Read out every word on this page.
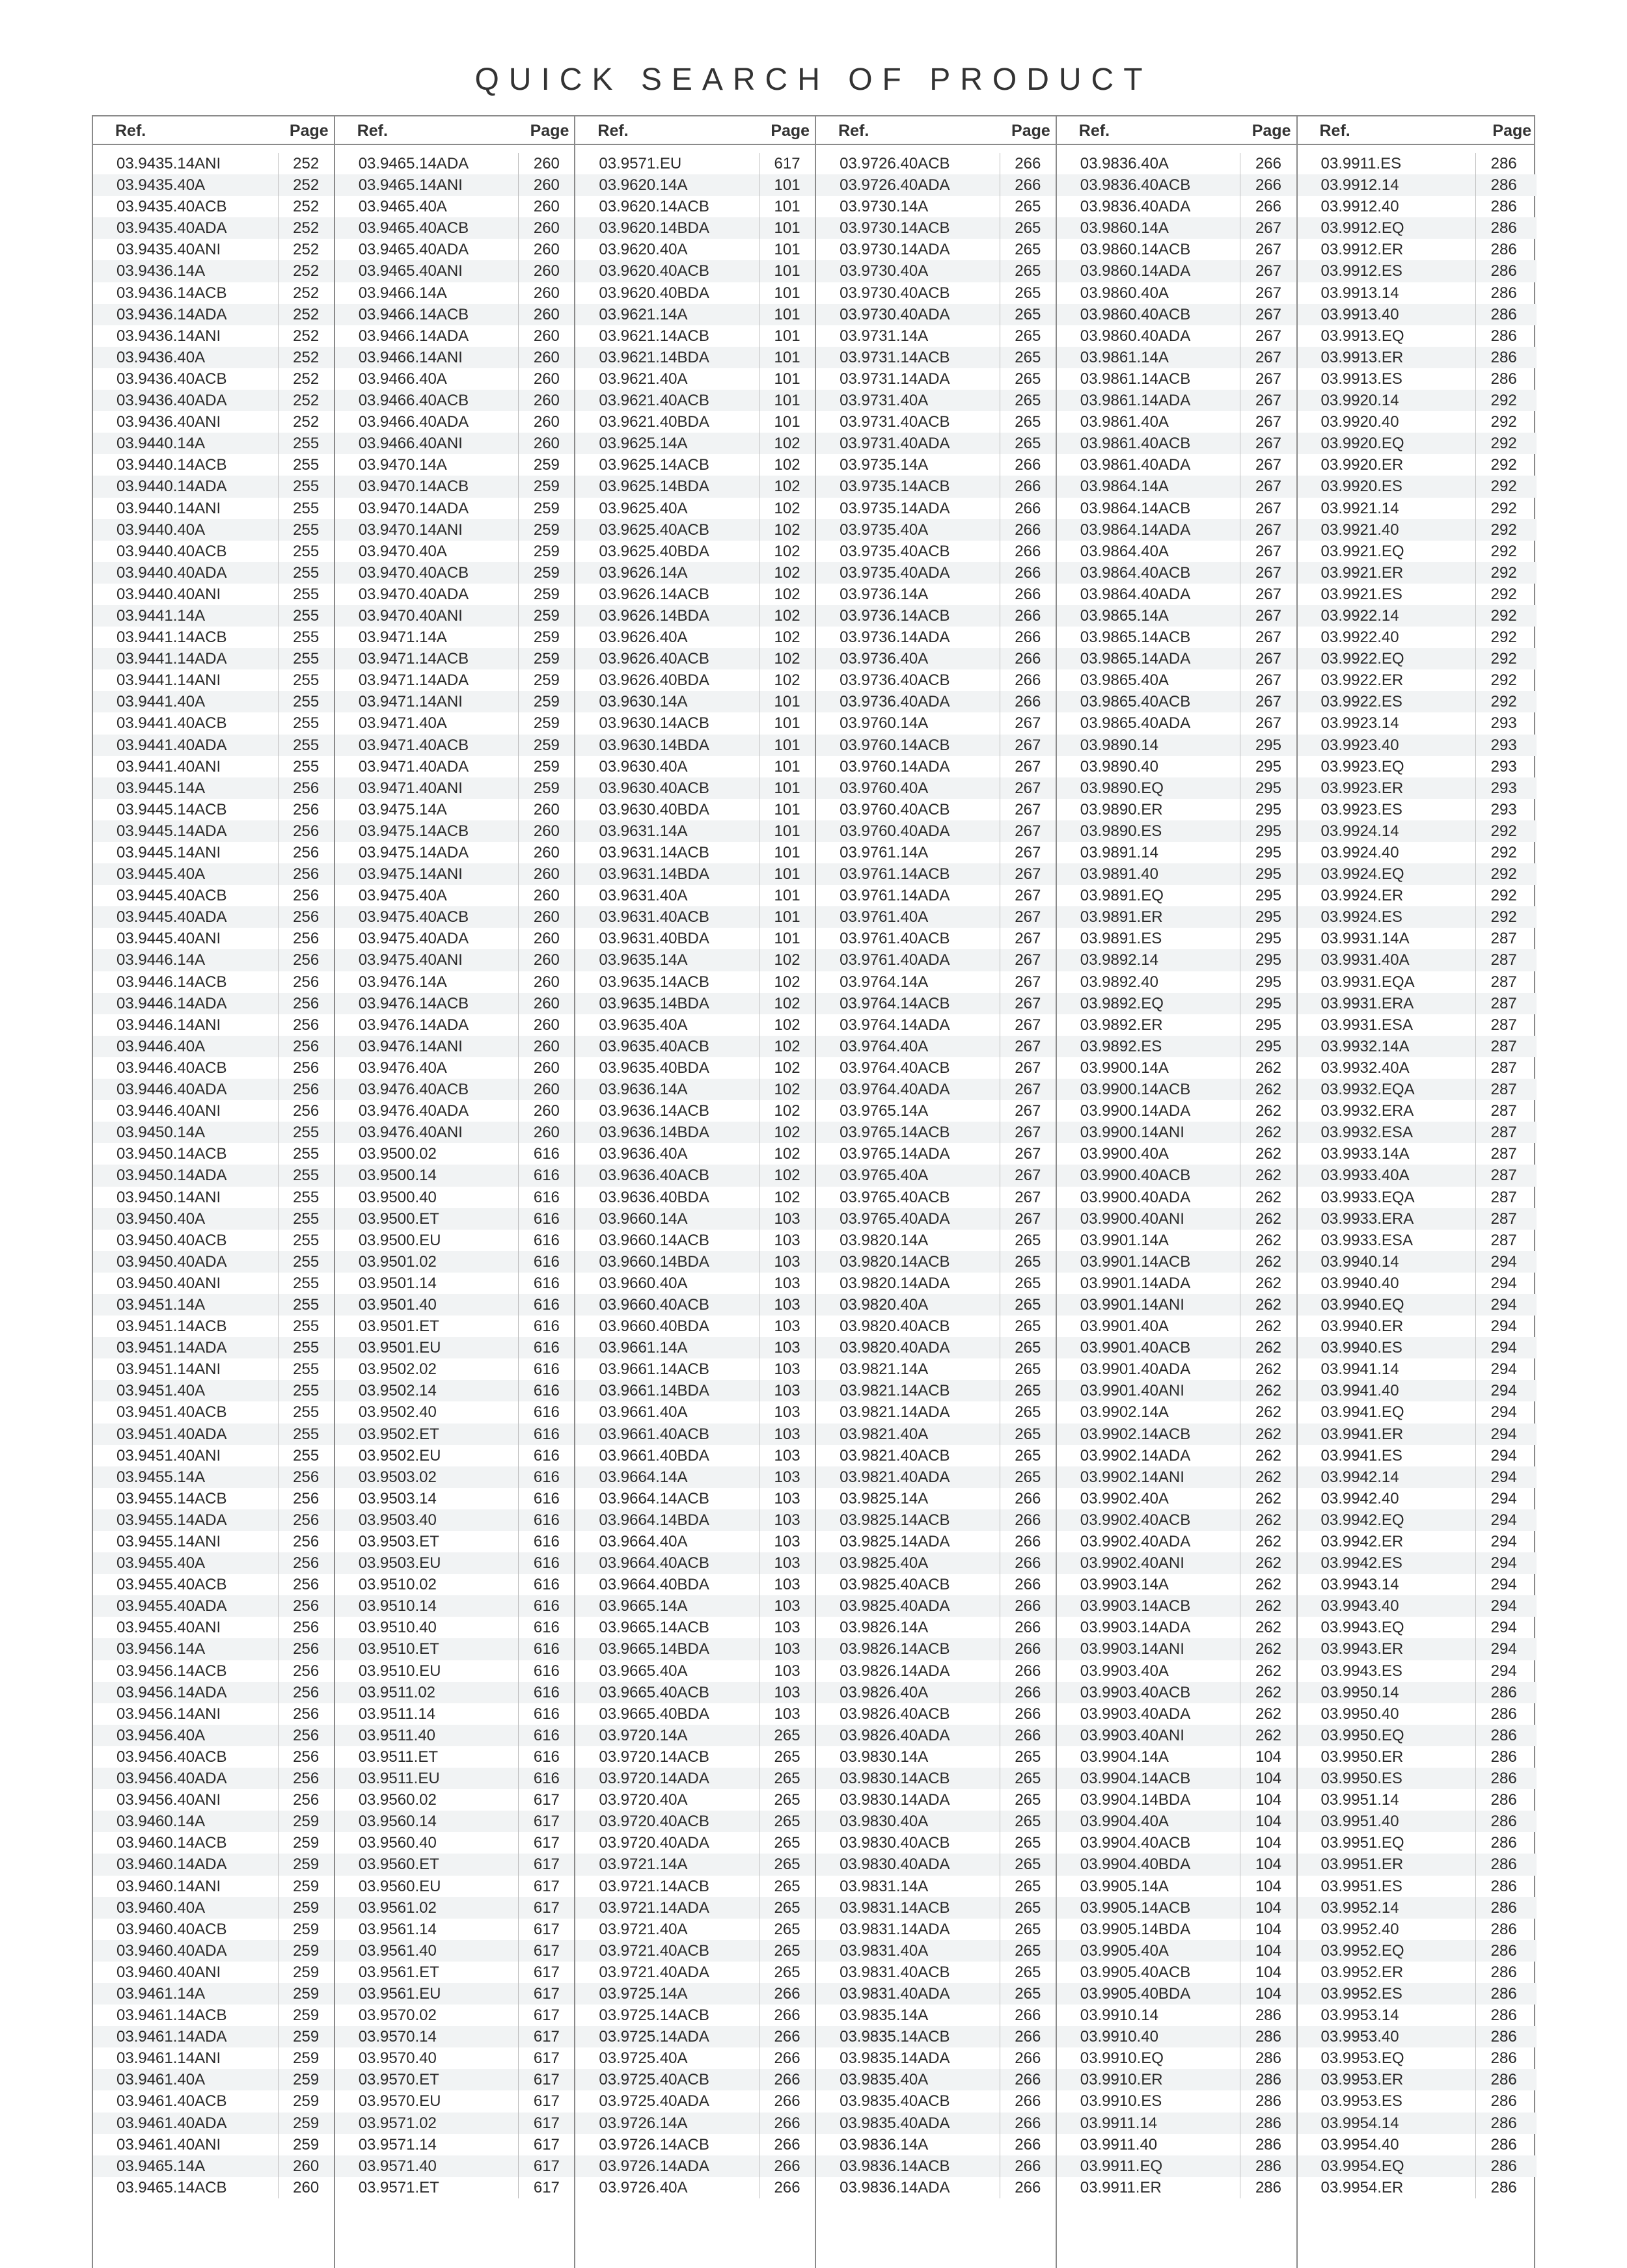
QUICK SEARCH OF PRODUCT
Ref.	Page
03.9435.14ANI	252
03.9435.40A	252
03.9435.40ACB	252
03.9435.40ADA	252
03.9435.40ANI	252
03.9436.14A	252
03.9436.14ACB	252
03.9436.14ADA	252
03.9436.14ANI	252
03.9436.40A	252
03.9436.40ACB	252
03.9436.40ADA	252
03.9436.40ANI	252
03.9440.14A	255
03.9440.14ACB	255
03.9440.14ADA	255
03.9440.14ANI	255
03.9440.40A	255
03.9440.40ACB	255
03.9440.40ADA	255
03.9440.40ANI	255
03.9441.14A	255
03.9441.14ACB	255
03.9441.14ADA	255
03.9441.14ANI	255
03.9441.40A	255
03.9441.40ACB	255
03.9441.40ADA	255
03.9441.40ANI	255
03.9445.14A	256
03.9445.14ACB	256
03.9445.14ADA	256
03.9445.14ANI	256
03.9445.40A	256
03.9445.40ACB	256
03.9445.40ADA	256
03.9445.40ANI	256
03.9446.14A	256
03.9446.14ACB	256
03.9446.14ADA	256
03.9446.14ANI	256
03.9446.40A	256
03.9446.40ACB	256
03.9446.40ADA	256
03.9446.40ANI	256
03.9450.14A	255
03.9450.14ACB	255
03.9450.14ADA	255
03.9450.14ANI	255
03.9450.40A	255
03.9450.40ACB	255
03.9450.40ADA	255
03.9450.40ANI	255
03.9451.14A	255
03.9451.14ACB	255
03.9451.14ADA	255
03.9451.14ANI	255
03.9451.40A	255
03.9451.40ACB	255
03.9451.40ADA	255
03.9451.40ANI	255
03.9455.14A	256
03.9455.14ACB	256
03.9455.14ADA	256
03.9455.14ANI	256
03.9455.40A	256
03.9455.40ACB	256
03.9455.40ADA	256
03.9455.40ANI	256
03.9456.14A	256
03.9456.14ACB	256
03.9456.14ADA	256
03.9456.14ANI	256
03.9456.40A	256
03.9456.40ACB	256
03.9456.40ADA	256
03.9456.40ANI	256
03.9460.14A	259
03.9460.14ACB	259
03.9460.14ADA	259
03.9460.14ANI	259
03.9460.40A	259
03.9460.40ACB	259
03.9460.40ADA	259
03.9460.40ANI	259
03.9461.14A	259
03.9461.14ACB	259
03.9461.14ADA	259
03.9461.14ANI	259
03.9461.40A	259
03.9461.40ACB	259
03.9461.40ADA	259
03.9461.40ANI	259
03.9465.14A	260
03.9465.14ACB	260
Ref.	Page
03.9465.14ADA	260
03.9465.14ANI	260
03.9465.40A	260
03.9465.40ACB	260
03.9465.40ADA	260
03.9465.40ANI	260
03.9466.14A	260
03.9466.14ACB	260
03.9466.14ADA	260
03.9466.14ANI	260
03.9466.40A	260
03.9466.40ACB	260
03.9466.40ADA	260
03.9466.40ANI	260
03.9470.14A	259
03.9470.14ACB	259
03.9470.14ADA	259
03.9470.14ANI	259
03.9470.40A	259
03.9470.40ACB	259
03.9470.40ADA	259
03.9470.40ANI	259
03.9471.14A	259
03.9471.14ACB	259
03.9471.14ADA	259
03.9471.14ANI	259
03.9471.40A	259
03.9471.40ACB	259
03.9471.40ADA	259
03.9471.40ANI	259
03.9475.14A	260
03.9475.14ACB	260
03.9475.14ADA	260
03.9475.14ANI	260
03.9475.40A	260
03.9475.40ACB	260
03.9475.40ADA	260
03.9475.40ANI	260
03.9476.14A	260
03.9476.14ACB	260
03.9476.14ADA	260
03.9476.14ANI	260
03.9476.40A	260
03.9476.40ACB	260
03.9476.40ADA	260
03.9476.40ANI	260
03.9500.02	616
03.9500.14	616
03.9500.40	616
03.9500.ET	616
03.9500.EU	616
03.9501.02	616
03.9501.14	616
03.9501.40	616
03.9501.ET	616
03.9501.EU	616
03.9502.02	616
03.9502.14	616
03.9502.40	616
03.9502.ET	616
03.9502.EU	616
03.9503.02	616
03.9503.14	616
03.9503.40	616
03.9503.ET	616
03.9503.EU	616
03.9510.02	616
03.9510.14	616
03.9510.40	616
03.9510.ET	616
03.9510.EU	616
03.9511.02	616
03.9511.14	616
03.9511.40	616
03.9511.ET	616
03.9511.EU	616
03.9560.02	617
03.9560.14	617
03.9560.40	617
03.9560.ET	617
03.9560.EU	617
03.9561.02	617
03.9561.14	617
03.9561.40	617
03.9561.ET	617
03.9561.EU	617
03.9570.02	617
03.9570.14	617
03.9570.40	617
03.9570.ET	617
03.9570.EU	617
03.9571.02	617
03.9571.14	617
03.9571.40	617
03.9571.ET	617
Ref.	Page
03.9571.EU	617
03.9620.14A	101
03.9620.14ACB	101
03.9620.14BDA	101
03.9620.40A	101
03.9620.40ACB	101
03.9620.40BDA	101
03.9621.14A	101
03.9621.14ACB	101
03.9621.14BDA	101
03.9621.40A	101
03.9621.40ACB	101
03.9621.40BDA	101
03.9625.14A	102
03.9625.14ACB	102
03.9625.14BDA	102
03.9625.40A	102
03.9625.40ACB	102
03.9625.40BDA	102
03.9626.14A	102
03.9626.14ACB	102
03.9626.14BDA	102
03.9626.40A	102
03.9626.40ACB	102
03.9626.40BDA	102
03.9630.14A	101
03.9630.14ACB	101
03.9630.14BDA	101
03.9630.40A	101
03.9630.40ACB	101
03.9630.40BDA	101
03.9631.14A	101
03.9631.14ACB	101
03.9631.14BDA	101
03.9631.40A	101
03.9631.40ACB	101
03.9631.40BDA	101
03.9635.14A	102
03.9635.14ACB	102
03.9635.14BDA	102
03.9635.40A	102
03.9635.40ACB	102
03.9635.40BDA	102
03.9636.14A	102
03.9636.14ACB	102
03.9636.14BDA	102
03.9636.40A	102
03.9636.40ACB	102
03.9636.40BDA	102
03.9660.14A	103
03.9660.14ACB	103
03.9660.14BDA	103
03.9660.40A	103
03.9660.40ACB	103
03.9660.40BDA	103
03.9661.14A	103
03.9661.14ACB	103
03.9661.14BDA	103
03.9661.40A	103
03.9661.40ACB	103
03.9661.40BDA	103
03.9664.14A	103
03.9664.14ACB	103
03.9664.14BDA	103
03.9664.40A	103
03.9664.40ACB	103
03.9664.40BDA	103
03.9665.14A	103
03.9665.14ACB	103
03.9665.14BDA	103
03.9665.40A	103
03.9665.40ACB	103
03.9665.40BDA	103
03.9720.14A	265
03.9720.14ACB	265
03.9720.14ADA	265
03.9720.40A	265
03.9720.40ACB	265
03.9720.40ADA	265
03.9721.14A	265
03.9721.14ACB	265
03.9721.14ADA	265
03.9721.40A	265
03.9721.40ACB	265
03.9721.40ADA	265
03.9725.14A	266
03.9725.14ACB	266
03.9725.14ADA	266
03.9725.40A	266
03.9725.40ACB	266
03.9725.40ADA	266
03.9726.14A	266
03.9726.14ACB	266
03.9726.14ADA	266
03.9726.40A	266
Ref.	Page
03.9726.40ACB	266
03.9726.40ADA	266
03.9730.14A	265
03.9730.14ACB	265
03.9730.14ADA	265
03.9730.40A	265
03.9730.40ACB	265
03.9730.40ADA	265
03.9731.14A	265
03.9731.14ACB	265
03.9731.14ADA	265
03.9731.40A	265
03.9731.40ACB	265
03.9731.40ADA	265
03.9735.14A	266
03.9735.14ACB	266
03.9735.14ADA	266
03.9735.40A	266
03.9735.40ACB	266
03.9735.40ADA	266
03.9736.14A	266
03.9736.14ACB	266
03.9736.14ADA	266
03.9736.40A	266
03.9736.40ACB	266
03.9736.40ADA	266
03.9760.14A	267
03.9760.14ACB	267
03.9760.14ADA	267
03.9760.40A	267
03.9760.40ACB	267
03.9760.40ADA	267
03.9761.14A	267
03.9761.14ACB	267
03.9761.14ADA	267
03.9761.40A	267
03.9761.40ACB	267
03.9761.40ADA	267
03.9764.14A	267
03.9764.14ACB	267
03.9764.14ADA	267
03.9764.40A	267
03.9764.40ACB	267
03.9764.40ADA	267
03.9765.14A	267
03.9765.14ACB	267
03.9765.14ADA	267
03.9765.40A	267
03.9765.40ACB	267
03.9765.40ADA	267
03.9820.14A	265
03.9820.14ACB	265
03.9820.14ADA	265
03.9820.40A	265
03.9820.40ACB	265
03.9820.40ADA	265
03.9821.14A	265
03.9821.14ACB	265
03.9821.14ADA	265
03.9821.40A	265
03.9821.40ACB	265
03.9821.40ADA	265
03.9825.14A	266
03.9825.14ACB	266
03.9825.14ADA	266
03.9825.40A	266
03.9825.40ACB	266
03.9825.40ADA	266
03.9826.14A	266
03.9826.14ACB	266
03.9826.14ADA	266
03.9826.40A	266
03.9826.40ACB	266
03.9826.40ADA	266
03.9830.14A	265
03.9830.14ACB	265
03.9830.14ADA	265
03.9830.40A	265
03.9830.40ACB	265
03.9830.40ADA	265
03.9831.14A	265
03.9831.14ACB	265
03.9831.14ADA	265
03.9831.40A	265
03.9831.40ACB	265
03.9831.40ADA	265
03.9835.14A	266
03.9835.14ACB	266
03.9835.14ADA	266
03.9835.40A	266
03.9835.40ACB	266
03.9835.40ADA	266
03.9836.14A	266
03.9836.14ACB	266
03.9836.14ADA	266
Ref.	Page
03.9836.40A	266
03.9836.40ACB	266
03.9836.40ADA	266
03.9860.14A	267
03.9860.14ACB	267
03.9860.14ADA	267
03.9860.40A	267
03.9860.40ACB	267
03.9860.40ADA	267
03.9861.14A	267
03.9861.14ACB	267
03.9861.14ADA	267
03.9861.40A	267
03.9861.40ACB	267
03.9861.40ADA	267
03.9864.14A	267
03.9864.14ACB	267
03.9864.14ADA	267
03.9864.40A	267
03.9864.40ACB	267
03.9864.40ADA	267
03.9865.14A	267
03.9865.14ACB	267
03.9865.14ADA	267
03.9865.40A	267
03.9865.40ACB	267
03.9865.40ADA	267
03.9890.14	295
03.9890.40	295
03.9890.EQ	295
03.9890.ER	295
03.9890.ES	295
03.9891.14	295
03.9891.40	295
03.9891.EQ	295
03.9891.ER	295
03.9891.ES	295
03.9892.14	295
03.9892.40	295
03.9892.EQ	295
03.9892.ER	295
03.9892.ES	295
03.9900.14A	262
03.9900.14ACB	262
03.9900.14ADA	262
03.9900.14ANI	262
03.9900.40A	262
03.9900.40ACB	262
03.9900.40ADA	262
03.9900.40ANI	262
03.9901.14A	262
03.9901.14ACB	262
03.9901.14ADA	262
03.9901.14ANI	262
03.9901.40A	262
03.9901.40ACB	262
03.9901.40ADA	262
03.9901.40ANI	262
03.9902.14A	262
03.9902.14ACB	262
03.9902.14ADA	262
03.9902.14ANI	262
03.9902.40A	262
03.9902.40ACB	262
03.9902.40ADA	262
03.9902.40ANI	262
03.9903.14A	262
03.9903.14ACB	262
03.9903.14ADA	262
03.9903.14ANI	262
03.9903.40A	262
03.9903.40ACB	262
03.9903.40ADA	262
03.9903.40ANI	262
03.9904.14A	104
03.9904.14ACB	104
03.9904.14BDA	104
03.9904.40A	104
03.9904.40ACB	104
03.9904.40BDA	104
03.9905.14A	104
03.9905.14ACB	104
03.9905.14BDA	104
03.9905.40A	104
03.9905.40ACB	104
03.9905.40BDA	104
03.9910.14	286
03.9910.40	286
03.9910.EQ	286
03.9910.ER	286
03.9910.ES	286
03.9911.14	286
03.9911.40	286
03.9911.EQ	286
03.9911.ER	286
Ref.	Page
03.9911.ES	286
03.9912.14	286
03.9912.40	286
03.9912.EQ	286
03.9912.ER	286
03.9912.ES	286
03.9913.14	286
03.9913.40	286
03.9913.EQ	286
03.9913.ER	286
03.9913.ES	286
03.9920.14	292
03.9920.40	292
03.9920.EQ	292
03.9920.ER	292
03.9920.ES	292
03.9921.14	292
03.9921.40	292
03.9921.EQ	292
03.9921.ER	292
03.9921.ES	292
03.9922.14	292
03.9922.40	292
03.9922.EQ	292
03.9922.ER	292
03.9922.ES	292
03.9923.14	293
03.9923.40	293
03.9923.EQ	293
03.9923.ER	293
03.9923.ES	293
03.9924.14	292
03.9924.40	292
03.9924.EQ	292
03.9924.ER	292
03.9924.ES	292
03.9931.14A	287
03.9931.40A	287
03.9931.EQA	287
03.9931.ERA	287
03.9931.ESA	287
03.9932.14A	287
03.9932.40A	287
03.9932.EQA	287
03.9932.ERA	287
03.9932.ESA	287
03.9933.14A	287
03.9933.40A	287
03.9933.EQA	287
03.9933.ERA	287
03.9933.ESA	287
03.9940.14	294
03.9940.40	294
03.9940.EQ	294
03.9940.ER	294
03.9940.ES	294
03.9941.14	294
03.9941.40	294
03.9941.EQ	294
03.9941.ER	294
03.9941.ES	294
03.9942.14	294
03.9942.40	294
03.9942.EQ	294
03.9942.ER	294
03.9942.ES	294
03.9943.14	294
03.9943.40	294
03.9943.EQ	294
03.9943.ER	294
03.9943.ES	294
03.9950.14	286
03.9950.40	286
03.9950.EQ	286
03.9950.ER	286
03.9950.ES	286
03.9951.14	286
03.9951.40	286
03.9951.EQ	286
03.9951.ER	286
03.9951.ES	286
03.9952.14	286
03.9952.40	286
03.9952.EQ	286
03.9952.ER	286
03.9952.ES	286
03.9953.14	286
03.9953.40	286
03.9953.EQ	286
03.9953.ER	286
03.9953.ES	286
03.9954.14	286
03.9954.40	286
03.9954.EQ	286
03.9954.ER	286
